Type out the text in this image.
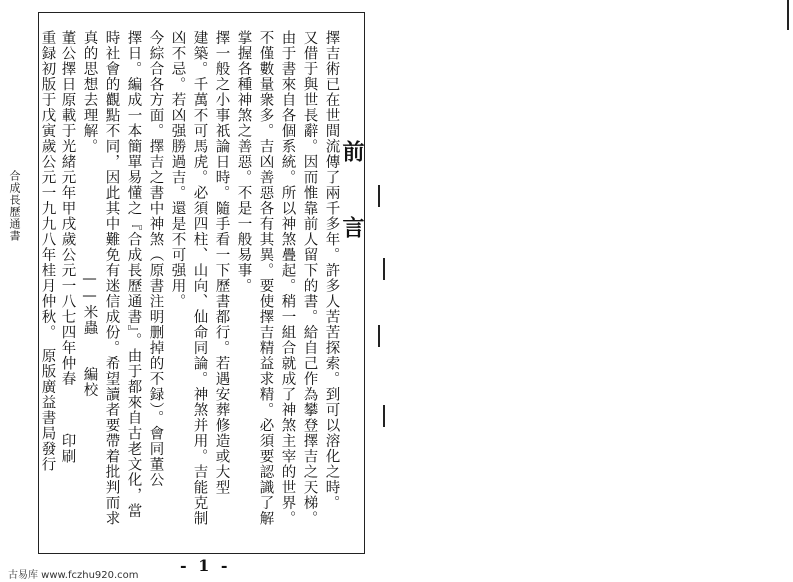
前　言
擇吉術已在世間流傳了兩千多年。許多人苦苦探索。到可以溶化之時。
又借于與世長辭。因而惟靠前人留下的書。給自己作為攀登擇吉之天梯。
由于書來自各個系統。所以神煞疊起。稍一組合就成了神煞主宰的世界。
不僅數量衆多。吉凶善惡各有其異。要使擇吉精益求精。必須要認識了解
掌握各種神煞之善惡。不是一般易事。
擇一般之小事祇論日時。隨手看一下歷書都行。若遇安葬修造或大型
建築。千萬不可馬虎。必須四柱、山向、仙命同論。神煞并用。吉能克制
凶不忌。若凶强勝過吉。還是不可强用。
今綜合各方面。擇吉之書中神煞（原書注明删掉的不録）。會同董公
擇日。編成一本簡單易懂之『合成長歷通書』。由于都來自古老文化，當
時社會的觀點不同，因此其中難免有迷信成份。希望讀者要帶着批判而求
真的思想去理解。　　　　　　　　——米蟲　　編校
董公擇日原載于光緒元年甲戌歲公元一八七四年仲春　　　印刷
重録初版于戊寅歲公元一九九八年桂月仲秋。　原版廣益書局發行
合成長歷通書
- 1 -
古易库 www.fczhu920.com
